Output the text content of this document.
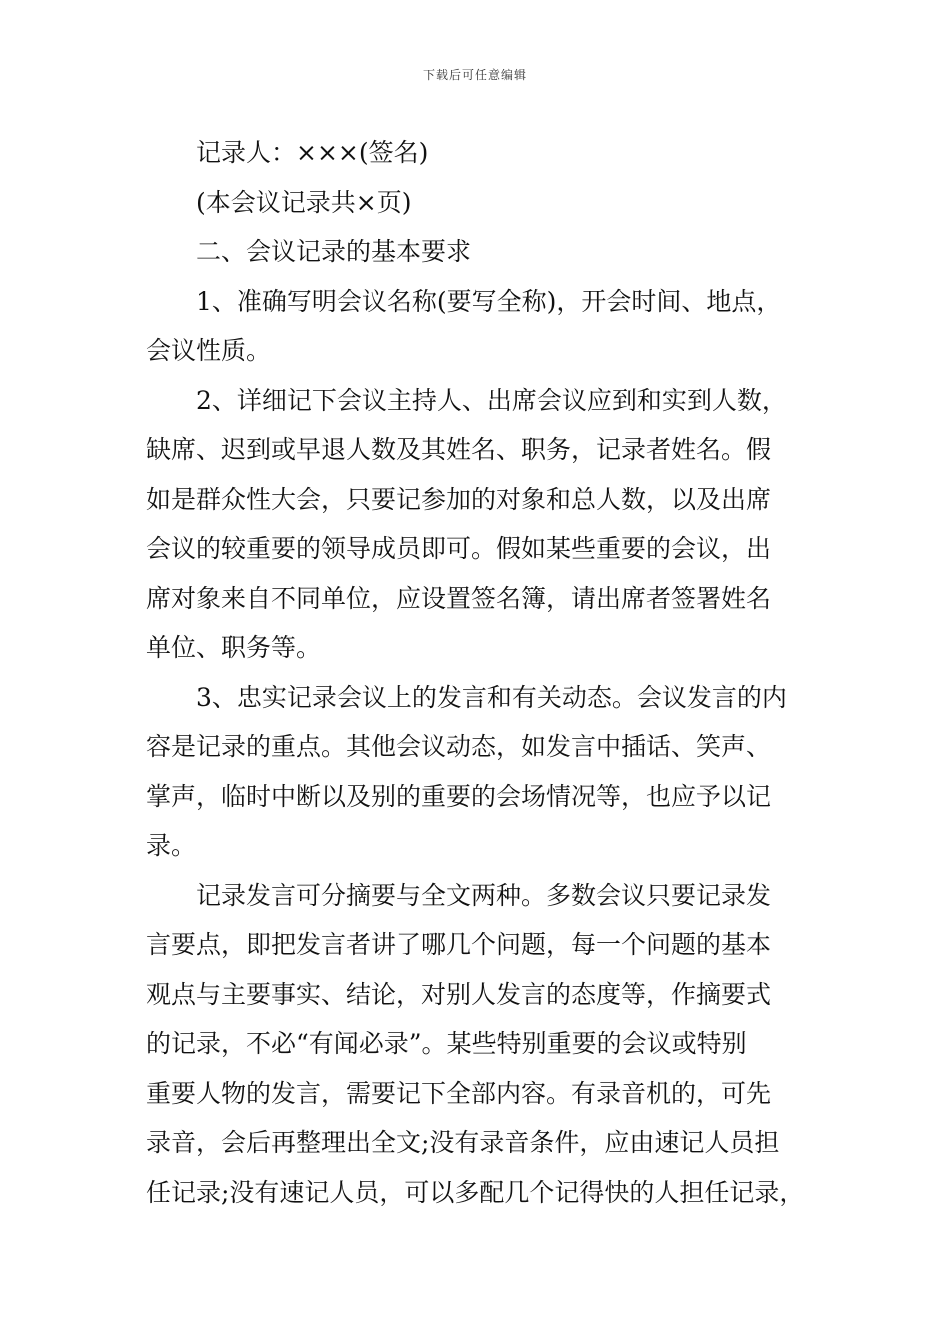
下载后可任意编辑
记录人：×××(签名)
(本会议记录共×页)
二、会议记录的基本要求
1、准确写明会议名称(要写全称)，开会时间、地点，
会议性质。
2、详细记下会议主持人、出席会议应到和实到人数，
缺席、迟到或早退人数及其姓名、职务，记录者姓名。假
如是群众性大会，只要记参加的对象和总人数，以及出席
会议的较重要的领导成员即可。假如某些重要的会议，出
席对象来自不同单位，应设置签名簿，请出席者签署姓名
单位、职务等。
3、忠实记录会议上的发言和有关动态。会议发言的内
容是记录的重点。其他会议动态，如发言中插话、笑声、
掌声，临时中断以及别的重要的会场情况等，也应予以记
录。
记录发言可分摘要与全文两种。多数会议只要记录发
言要点，即把发言者讲了哪几个问题，每一个问题的基本
观点与主要事实、结论，对别人发言的态度等，作摘要式
的记录，不必“有闻必录”。某些特别重要的会议或特别
重要人物的发言，需要记下全部内容。有录音机的，可先
录音，会后再整理出全文;没有录音条件，应由速记人员担
任记录;没有速记人员，可以多配几个记得快的人担任记录，
